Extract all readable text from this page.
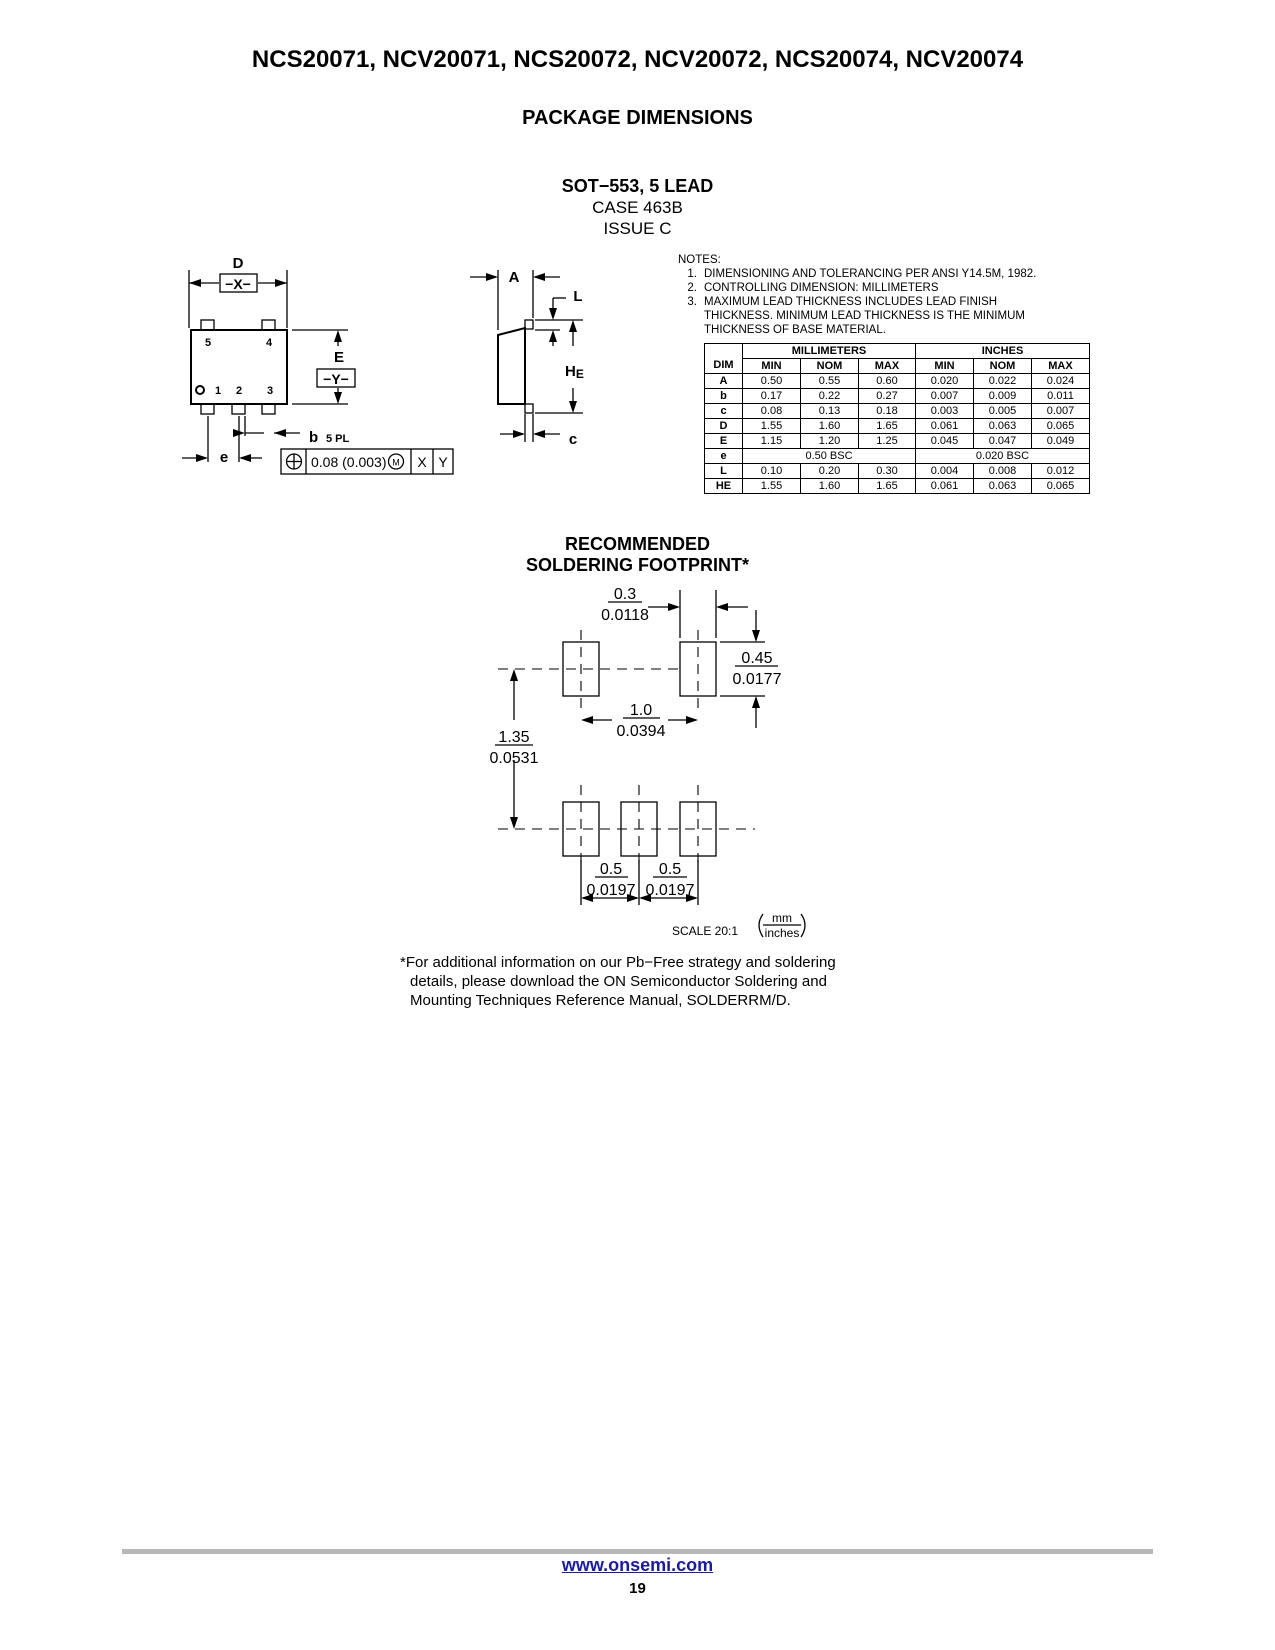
NCS20071, NCV20071, NCS20072, NCV20072, NCS20074, NCV20074
PACKAGE DIMENSIONS
SOT−553, 5 LEAD
CASE 463B
ISSUE C
D
−X−
E
−Y−
5	4
1 2 3
e
b 5 PL
A
L
HE
c
0.08 (0.003) M X Y
NOTES:
1. DIMENSIONING AND TOLERANCING PER ANSI Y14.5M, 1982.
2. CONTROLLING DIMENSION: MILLIMETERS
3. MAXIMUM LEAD THICKNESS INCLUDES LEAD FINISH
THICKNESS. MINIMUM LEAD THICKNESS IS THE MINIMUM
THICKNESS OF BASE MATERIAL.
	MILLIMETERS			INCHES		
DIM	MIN	NOM	MAX	MIN	NOM	MAX
A	0.50	0.55	0.60	0.020	0.022	0.024
b	0.17	0.22	0.27	0.007	0.009	0.011
c	0.08	0.13	0.18	0.003	0.005	0.007
D	1.55	1.60	1.65	0.061	0.063	0.065
E	1.15	1.20	1.25	0.045	0.047	0.049
e	0.50 BSC			0.020 BSC		
L	0.10	0.20	0.30	0.004	0.008	0.012
HE	1.55	1.60	1.65	0.061	0.063	0.065
RECOMMENDED
SOLDERING FOOTPRINT*
0.3
0.0118
0.45
0.0177
1.0
0.0394
1.35
0.0531
0.5
0.0197
0.5
0.0197
SCALE 20:1
mm
inches
*For additional information on our Pb−Free strategy and soldering
details, please download the ON Semiconductor Soldering and
Mounting Techniques Reference Manual, SOLDERRM/D.
www.onsemi.com
19
